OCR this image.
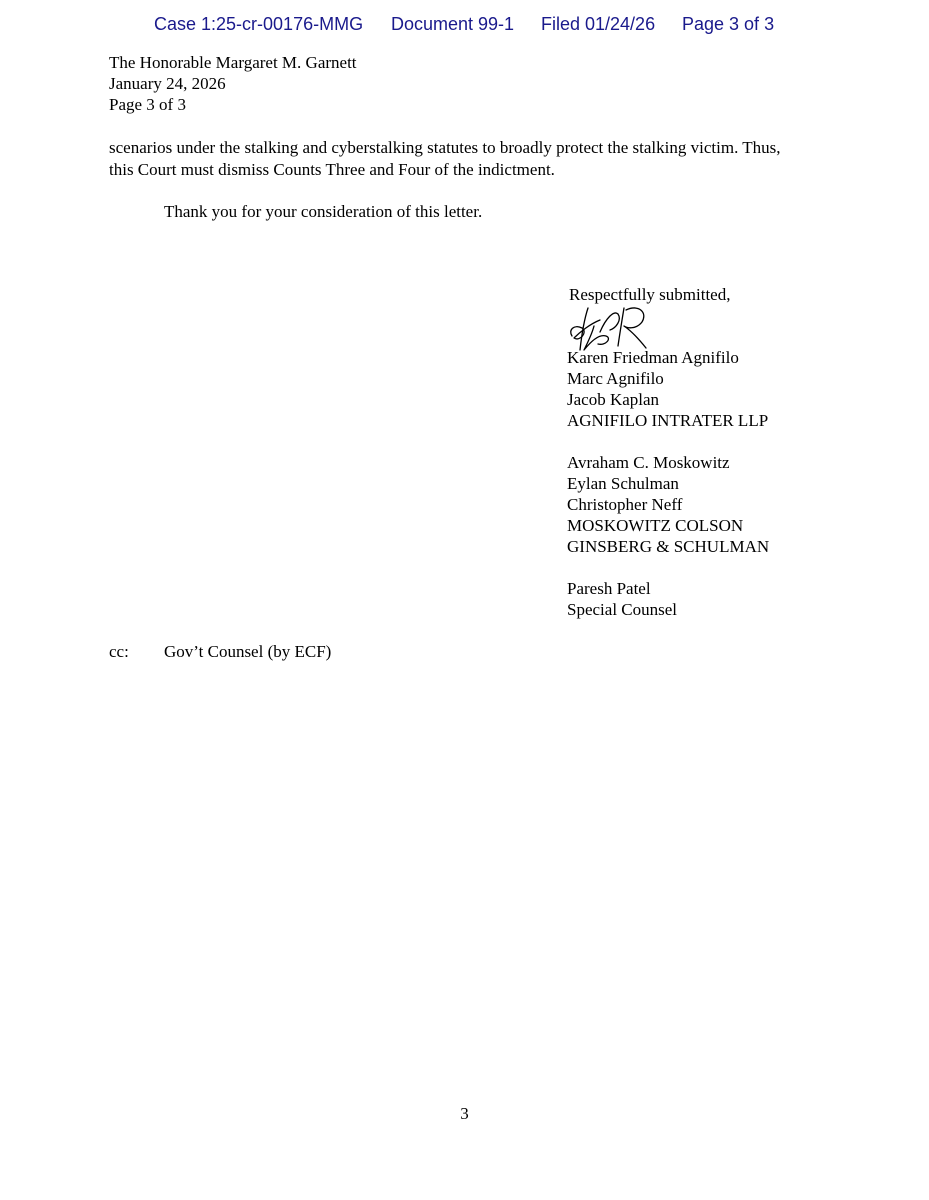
Case 1:25-cr-00176-MMG Document 99-1 Filed 01/24/26 Page 3 of 3
The Honorable Margaret M. Garnett
January 24, 2026
Page 3 of 3
scenarios under the stalking and cyberstalking statutes to broadly protect the stalking victim. Thus,
this Court must dismiss Counts Three and Four of the indictment.
Thank you for your consideration of this letter.
Respectfully submitted,
Karen Friedman Agnifilo
Marc Agnifilo
Jacob Kaplan
AGNIFILO INTRATER LLP
Avraham C. Moskowitz
Eylan Schulman
Christopher Neff
MOSKOWITZ COLSON
GINSBERG & SCHULMAN
Paresh Patel
Special Counsel
cc: Gov’t Counsel (by ECF)
3
